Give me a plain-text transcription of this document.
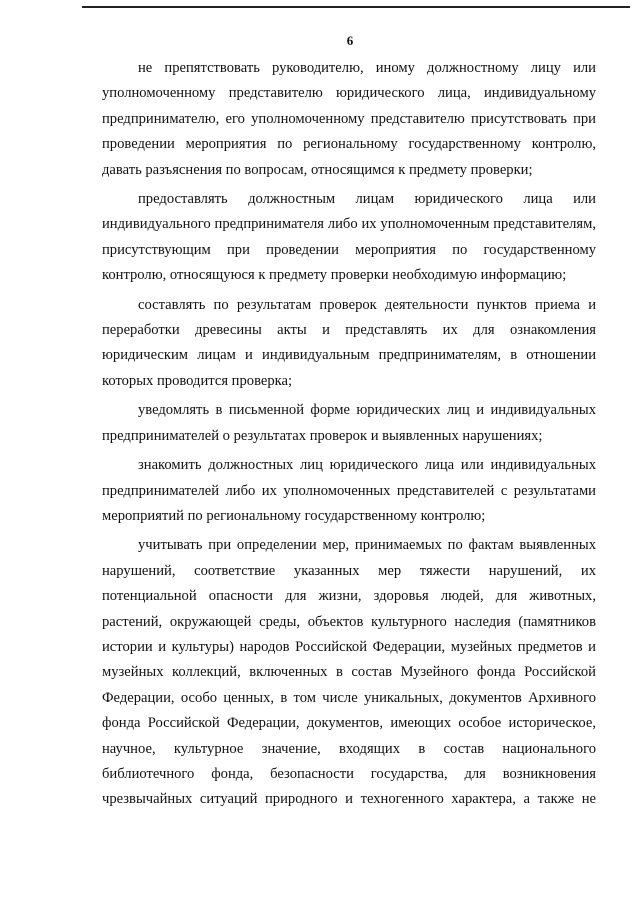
6

не препятствовать руководителю, иному должностному лицу или уполномоченному представителю юридического лица, индивидуальному предпринимателю, его уполномоченному представителю присутствовать при проведении мероприятия по региональному государственному контролю, давать разъяснения по вопросам, относящимся к предмету проверки;

предоставлять должностным лицам юридического лица или индивидуального предпринимателя либо их уполномоченным представителям, присутствующим при проведении мероприятия по государственному контролю, относящуюся к предмету проверки необходимую информацию;

составлять по результатам проверок деятельности пунктов приема и переработки древесины акты и представлять их для ознакомления юридическим лицам и индивидуальным предпринимателям, в отношении которых проводится проверка;

уведомлять в письменной форме юридических лиц и индивидуальных предпринимателей о результатах проверок и выявленных нарушениях;

знакомить должностных лиц юридического лица или индивидуальных предпринимателей либо их уполномоченных представителей с результатами мероприятий по региональному государственному контролю;

учитывать при определении мер, принимаемых по фактам выявленных нарушений, соответствие указанных мер тяжести нарушений, их потенциальной опасности для жизни, здоровья людей, для животных, растений, окружающей среды, объектов культурного наследия (памятников истории и культуры) народов Российской Федерации, музейных предметов и музейных коллекций, включенных в состав Музейного фонда Российской Федерации, особо ценных, в том числе уникальных, документов Архивного фонда Российской Федерации, документов, имеющих особое историческое, научное, культурное значение, входящих в состав национального библиотечного фонда, безопасности государства, для возникновения чрезвычайных ситуаций природного и техногенного характера, а также не
